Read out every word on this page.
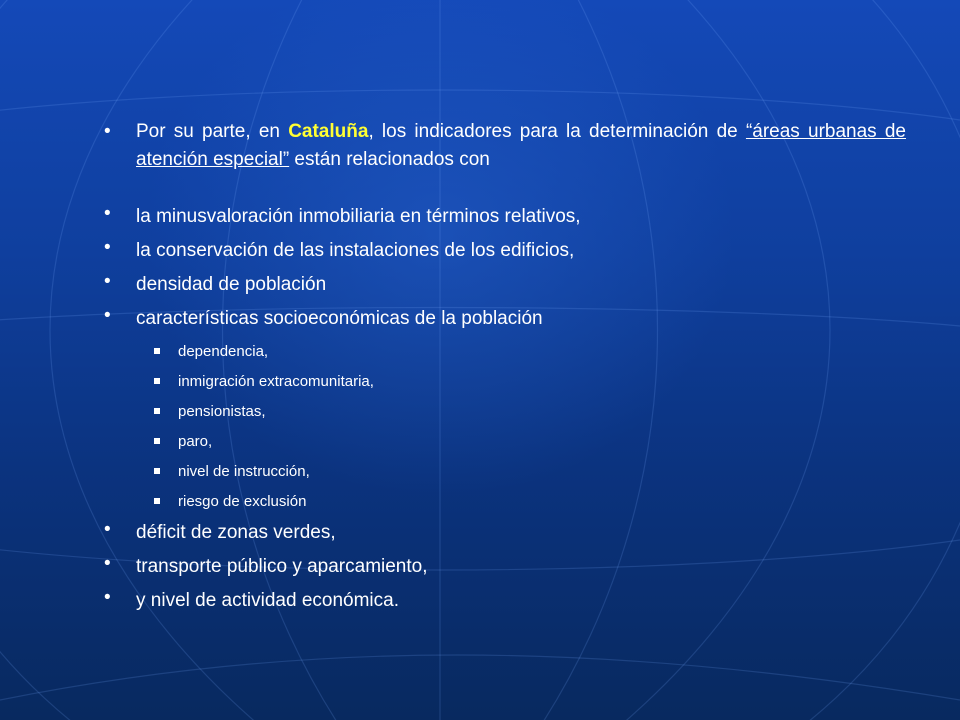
•	Por su parte, en Cataluña, los indicadores para la determinación de “áreas urbanas de atención especial” están relacionados con
•	la minusvaloración inmobiliaria en términos relativos,
•	la conservación de las instalaciones de los edificios,
•	densidad de población
•	características socioeconómicas de la población
dependencia,
inmigración extracomunitaria,
pensionistas,
paro,
nivel de instrucción,
riesgo de exclusión
•	déficit de zonas verdes,
•	transporte público y aparcamiento,
•	y nivel de actividad económica.
